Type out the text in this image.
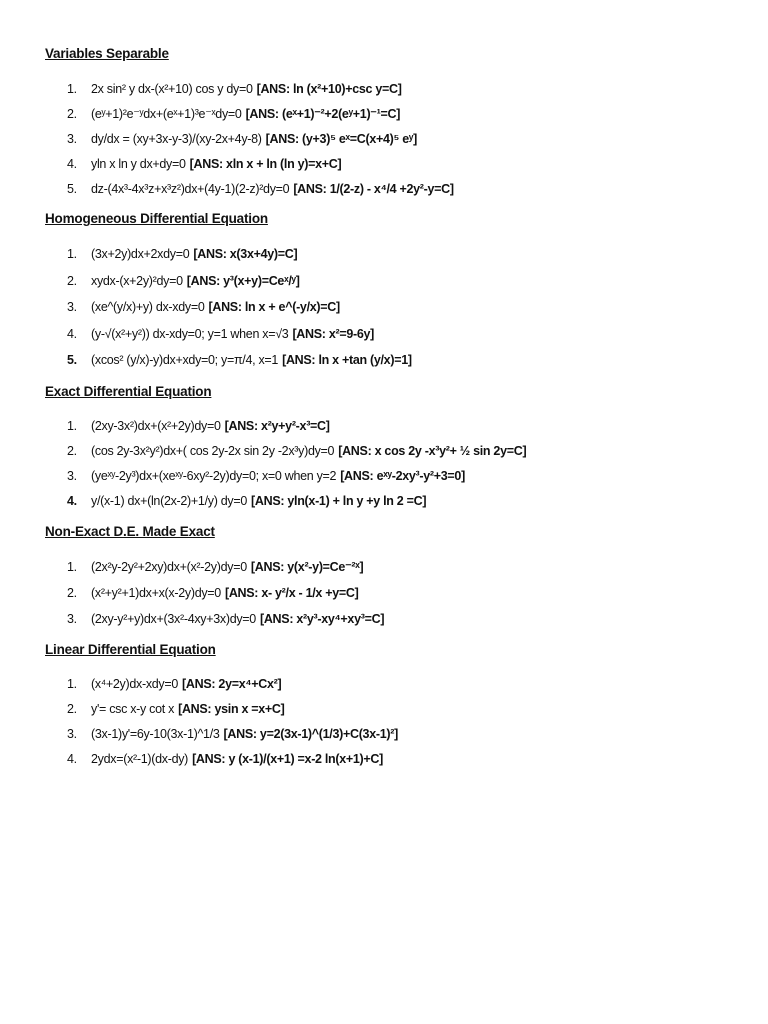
Variables Separable
1.	2x sin² y dx-(x²+10) cos y dy=0 [ANS: ln (x²+10)+csc y=C]
2.	(eʸ+1)²e⁻ʸdx+(eˣ+1)³e⁻ˣdy=0 [ANS: (eˣ+1)⁻²+2(eʸ+1)⁻¹=C]
3.	dy/dx = (xy+3x-y-3)/(xy-2x+4y-8) [ANS: (y+3)⁵ eˣ=C(x+4)⁵ eʸ]
4.	yln x ln y dx+dy=0 [ANS: xln x + ln (ln y)=x+C]
5.	dz-(4x³-4x³z+x³z²)dx+(4y-1)(2-z)²dy=0 [ANS: 1/(2-z) - x⁴/4 +2y²-y=C]
Homogeneous Differential Equation
1.	(3x+2y)dx+2xdy=0 [ANS: x(3x+4y)=C]
2.	xydx-(x+2y)²dy=0 [ANS: y³(x+y)=Ceˣ/ʸ]
3.	(xe^(y/x)+y) dx-xdy=0 [ANS: ln x + e^(-y/x)=C]
4.	(y-√(x²+y²)) dx-xdy=0; y=1 when x=√3 [ANS: x²=9-6y]
5.	(xcos² (y/x)-y)dx+xdy=0; y=π/4, x=1 [ANS: ln x +tan (y/x)=1]
Exact Differential Equation
1.	(2xy-3x²)dx+(x²+2y)dy=0 [ANS: x²y+y²-x³=C]
2.	(cos 2y-3x²y²)dx+( cos 2y-2x sin 2y -2x³y)dy=0 [ANS: x cos 2y -x³y²+ ½ sin 2y=C]
3.	(yeˣʸ-2y³)dx+(xeˣʸ-6xy²-2y)dy=0; x=0 when y=2 [ANS: eˣʸ-2xy³-y²+3=0]
4.	y/(x-1) dx+(ln(2x-2)+1/y) dy=0 [ANS: yln(x-1) + ln y +y ln 2 =C]
Non-Exact D.E. Made Exact
1.	(2x²y-2y²+2xy)dx+(x²-2y)dy=0 [ANS: y(x²-y)=Ce⁻²ˣ]
2.	(x²+y²+1)dx+x(x-2y)dy=0 [ANS: x- y²/x - 1/x +y=C]
3.	(2xy-y²+y)dx+(3x²-4xy+3x)dy=0 [ANS: x²y³-xy⁴+xy³=C]
Linear Differential Equation
1.	(x⁴+2y)dx-xdy=0 [ANS: 2y=x⁴+Cx²]
2.	y'= csc x-y cot x [ANS: ysin x =x+C]
3.	(3x-1)y'=6y-10(3x-1)^1/3 [ANS: y=2(3x-1)^(1/3)+C(3x-1)²]
4.	2ydx=(x²-1)(dx-dy) [ANS: y (x-1)/(x+1) =x-2 ln(x+1)+C]
